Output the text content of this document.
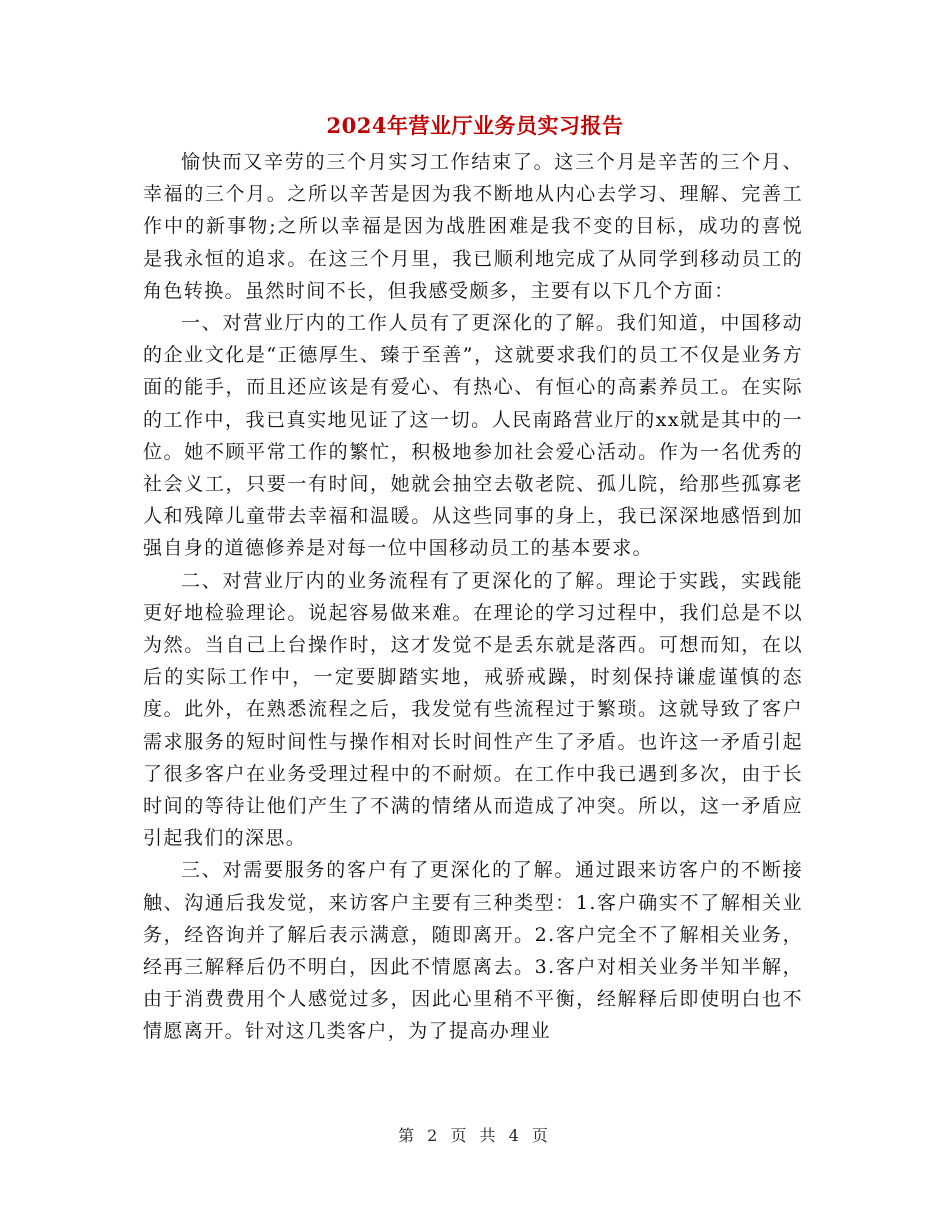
2024年营业厅业务员实习报告

愉快而又辛劳的三个月实习工作结束了。这三个月是辛苦的三个月、幸福的三个月。之所以辛苦是因为我不断地从内心去学习、理解、完善工作中的新事物;之所以幸福是因为战胜困难是我不变的目标，成功的喜悦是我永恒的追求。在这三个月里，我已顺利地完成了从同学到移动员工的角色转换。虽然时间不长，但我感受颇多，主要有以下几个方面：

一、对营业厅内的工作人员有了更深化的了解。我们知道，中国移动的企业文化是“正德厚生、臻于至善”，这就要求我们的员工不仅是业务方面的能手，而且还应该是有爱心、有热心、有恒心的高素养员工。在实际的工作中，我已真实地见证了这一切。人民南路营业厅的xx就是其中的一位。她不顾平常工作的繁忙，积极地参加社会爱心活动。作为一名优秀的社会义工，只要一有时间，她就会抽空去敬老院、孤儿院，给那些孤寡老人和残障儿童带去幸福和温暖。从这些同事的身上，我已深深地感悟到加强自身的道德修养是对每一位中国移动员工的基本要求。

二、对营业厅内的业务流程有了更深化的了解。理论于实践，实践能更好地检验理论。说起容易做来难。在理论的学习过程中，我们总是不以为然。当自己上台操作时，这才发觉不是丢东就是落西。可想而知，在以后的实际工作中，一定要脚踏实地，戒骄戒躁，时刻保持谦虚谨慎的态度。此外，在熟悉流程之后，我发觉有些流程过于繁琐。这就导致了客户需求服务的短时间性与操作相对长时间性产生了矛盾。也许这一矛盾引起了很多客户在业务受理过程中的不耐烦。在工作中我已遇到多次，由于长时间的等待让他们产生了不满的情绪从而造成了冲突。所以，这一矛盾应引起我们的深思。

三、对需要服务的客户有了更深化的了解。通过跟来访客户的不断接触、沟通后我发觉，来访客户主要有三种类型：1.客户确实不了解相关业务，经咨询并了解后表示满意，随即离开。2.客户完全不了解相关业务，经再三解释后仍不明白，因此不情愿离去。3.客户对相关业务半知半解，由于消费费用个人感觉过多，因此心里稍不平衡，经解释后即使明白也不情愿离开。针对这几类客户，为了提高办理业

第 2 页 共 4 页
